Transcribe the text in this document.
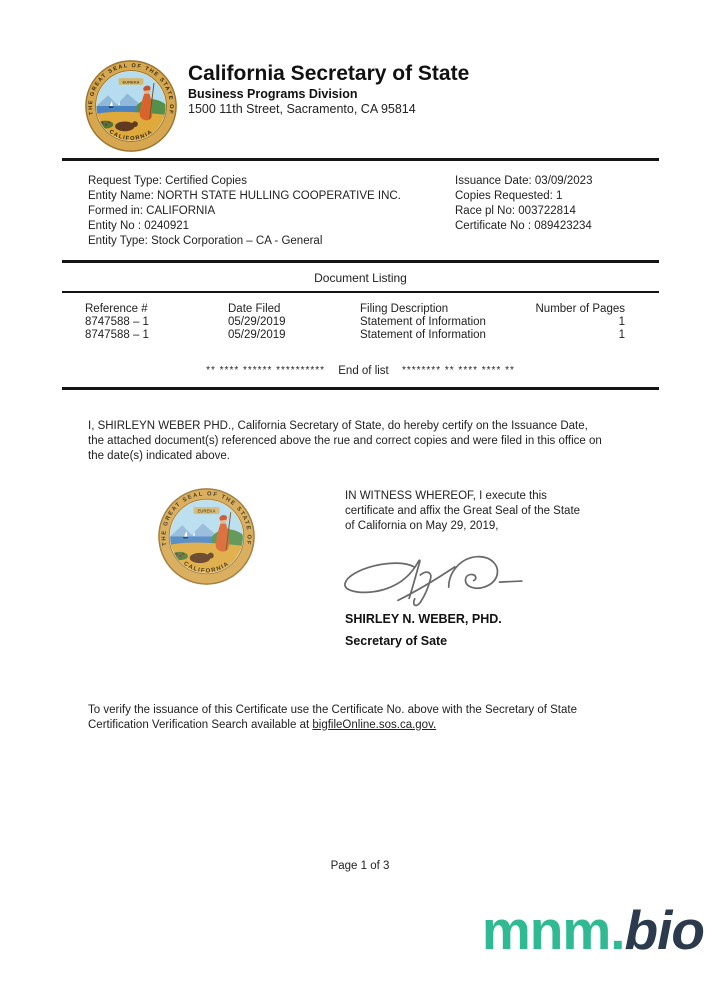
California Secretary of State
Business Programs Division
1500 11th Street, Sacramento, CA 95814
Request Type: Certified Copies
Entity Name: NORTH STATE HULLING COOPERATIVE INC.
Formed in: CALIFORNIA
Entity No : 0240921
Entity Type: Stock Corporation – CA - General
Issuance Date: 03/09/2023
Copies Requested: 1
Race pl No: 003722814
Certificate No : 089423234
Document Listing
Reference #	Date Filed	Filing Description	Number of Pages
8747588 – 1	05/29/2019	Statement of Information	1
8747588 – 1	05/29/2019	Statement of Information	1
** **** ****** ********** End of list ******** ** **** **** **

I, SHIRLEYN WEBER PHD., California Secretary of State, do hereby certify on the Issuance Date, the attached document(s) referenced above the rue and correct copies and were filed in this office on the date(s) indicated above.

IN WITNESS WHEREOF, I execute this certificate and affix the Great Seal of the State of California on May 29, 2019,
SHIRLEY N. WEBER, PHD.
Secretary of Sate

To verify the issuance of this Certificate use the Certificate No. above with the Secretary of State Certification Verification Search available at bigfileOnline.sos.ca.gov.

Page 1 of 3
mnm.bio
